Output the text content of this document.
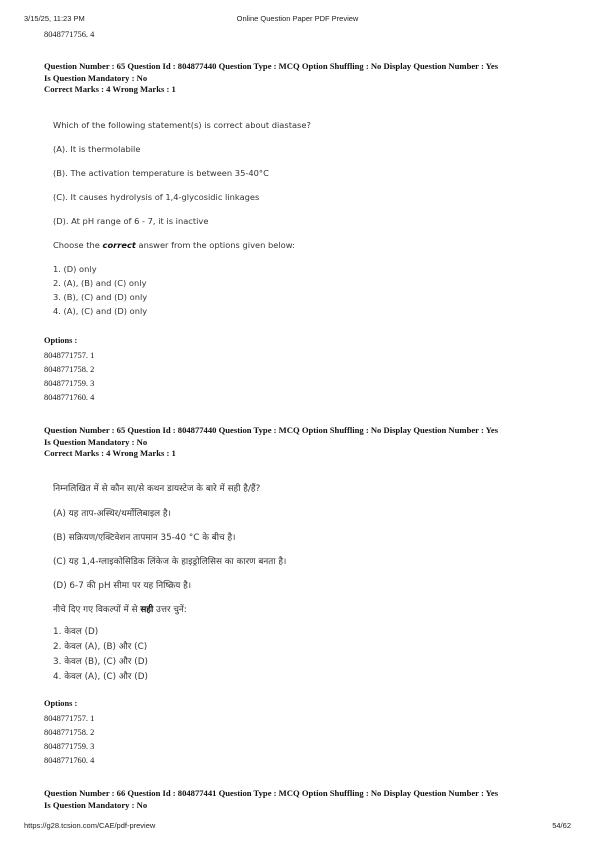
3/15/25, 11:23 PM	Online Question Paper PDF Preview
8048771756. 4
Question Number : 65 Question Id : 804877440 Question Type : MCQ Option Shuffling : No Display Question Number : Yes
Is Question Mandatory : No
Correct Marks : 4 Wrong Marks : 1
Which of the following statement(s) is correct about diastase?
(A). It is thermolabile
(B). The activation temperature is between 35-40°C
(C). It causes hydrolysis of 1,4-glycosidic linkages
(D). At pH range of 6 - 7, it is inactive
Choose the correct answer from the options given below:
1. (D) only
2. (A), (B) and (C) only
3. (B), (C) and (D) only
4. (A), (C) and (D) only
Options :
8048771757. 1
8048771758. 2
8048771759. 3
8048771760. 4
Question Number : 65 Question Id : 804877440 Question Type : MCQ Option Shuffling : No Display Question Number : Yes
Is Question Mandatory : No
Correct Marks : 4 Wrong Marks : 1
निम्नलिखित में से कौन सा/से कथन डायस्टेज के बारे में सही है/हैं?
(A) यह ताप-अस्थिर/थर्मोलिबाइल है।
(B) सक्रियण/एक्टिवेशन तापमान 35-40 °C के बीच है।
(C) यह 1,4-ग्लाइकोसिडिक लिंकेज के हाइड्रोलिसिस का कारण बनता है।
(D) 6-7 की pH सीमा पर यह निष्क्रिय है।
नीचे दिए गए विकल्पों में से सही उत्तर चुनें:
1. केवल (D)
2. केवल (A), (B) और (C)
3. केवल (B), (C) और (D)
4. केवल (A), (C) और (D)
Options :
8048771757. 1
8048771758. 2
8048771759. 3
8048771760. 4
Question Number : 66 Question Id : 804877441 Question Type : MCQ Option Shuffling : No Display Question Number : Yes
Is Question Mandatory : No
https://g28.tcsion.com/CAE/pdf-preview	54/62
